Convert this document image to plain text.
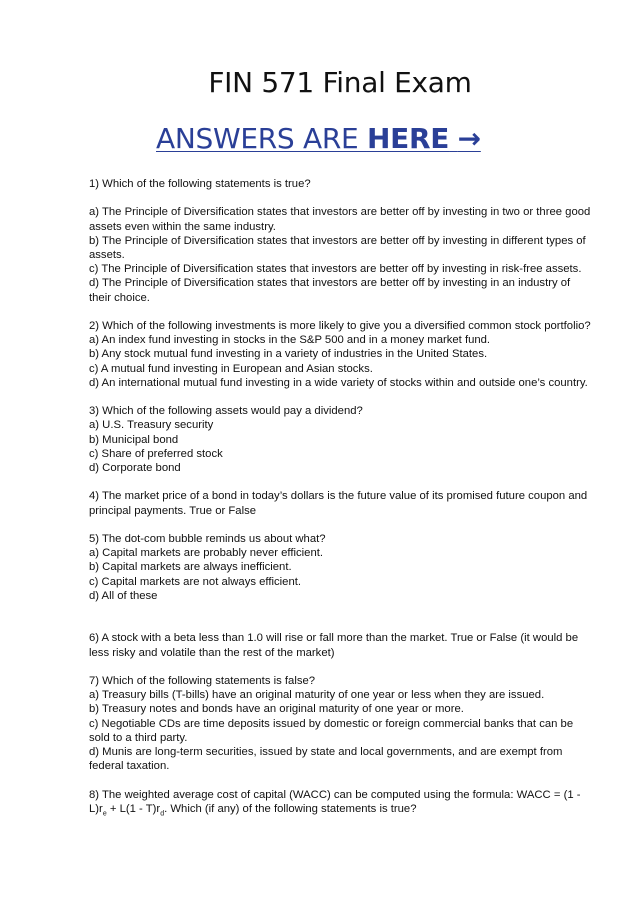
FIN 571 Final Exam
ANSWERS ARE HERE →
1) Which of the following statements is true?
a) The Principle of Diversification states that investors are better off by investing in two or three good assets even within the same industry.
b) The Principle of Diversification states that investors are better off by investing in different types of assets.
c) The Principle of Diversification states that investors are better off by investing in risk-free assets.
d) The Principle of Diversification states that investors are better off by investing in an industry of their choice.
2) Which of the following investments is more likely to give you a diversified common stock portfolio?
a) An index fund investing in stocks in the S&P 500 and in a money market fund.
b) Any stock mutual fund investing in a variety of industries in the United States.
c) A mutual fund investing in European and Asian stocks.
d) An international mutual fund investing in a wide variety of stocks within and outside one’s country.
3) Which of the following assets would pay a dividend?
a) U.S. Treasury security
b) Municipal bond
c) Share of preferred stock
d) Corporate bond
4) The market price of a bond in today’s dollars is the future value of its promised future coupon and principal payments. True or False
5) The dot-com bubble reminds us about what?
a) Capital markets are probably never efficient.
b) Capital markets are always inefficient.
c) Capital markets are not always efficient.
d) All of these
6) A stock with a beta less than 1.0 will rise or fall more than the market. True or False (it would be less risky and volatile than the rest of the market)
7) Which of the following statements is false?
a) Treasury bills (T-bills) have an original maturity of one year or less when they are issued.
b) Treasury notes and bonds have an original maturity of one year or more.
c) Negotiable CDs are time deposits issued by domestic or foreign commercial banks that can be sold to a third party.
d) Munis are long-term securities, issued by state and local governments, and are exempt from federal taxation.
8) The weighted average cost of capital (WACC) can be computed using the formula: WACC = $(1 - L)r_e + L(1 - T)r_d$. Which (if any) of the following statements is true?
